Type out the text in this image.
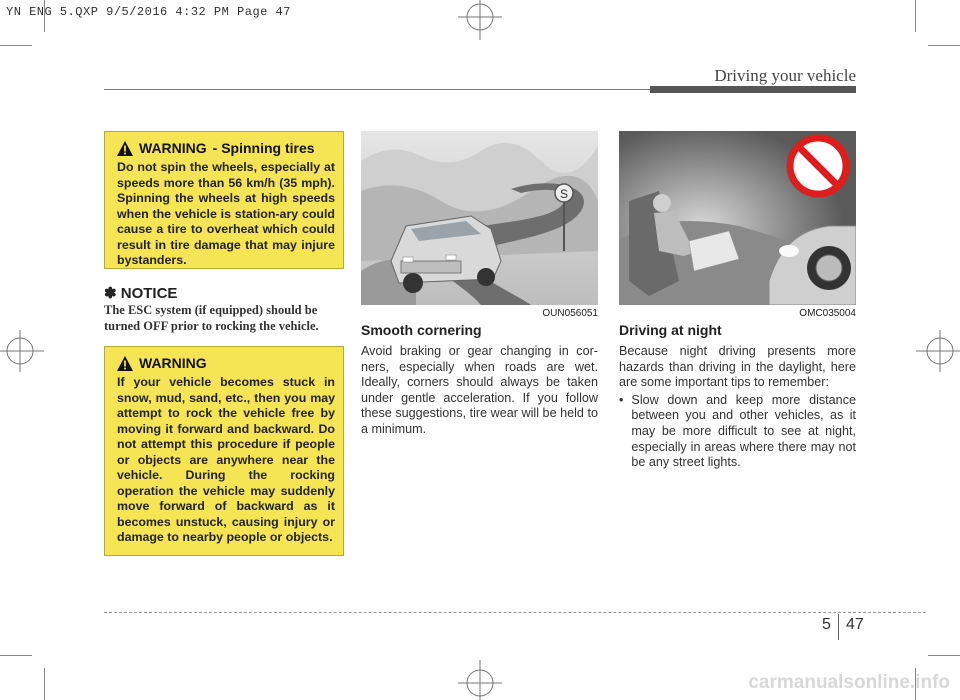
YN ENG 5.QXP 9/5/2016 4:32 PM Page 47
Driving your vehicle
WARNING - Spinning tires
Do not spin the wheels, especially at speeds more than 56 km/h (35 mph). Spinning the wheels at high speeds when the vehicle is station-ary could cause a tire to overheat which could result in tire damage that may injure bystanders.
✽ NOTICE
The ESC system (if equipped) should be turned OFF prior to rocking the vehicle.
WARNING
If your vehicle becomes stuck in snow, mud, sand, etc., then you may attempt to rock the vehicle free by moving it forward and backward. Do not attempt this procedure if people or objects are anywhere near the vehicle. During the rocking operation the vehicle may suddenly move forward of backward as it becomes unstuck, causing injury or damage to nearby people or objects.
S
OUN056051	OMC035004
Smooth cornering
Avoid braking or gear changing in cor-ners, especially when roads are wet. Ideally, corners should always be taken under gentle acceleration. If you follow these suggestions, tire wear will be held to a minimum.
Driving at night
Because night driving presents more hazards than driving in the daylight, here are some important tips to remember:
• Slow down and keep more distance between you and other vehicles, as it may be more difficult to see at night, especially in areas where there may not be any street lights.
5 47
carmanualsonline.info
